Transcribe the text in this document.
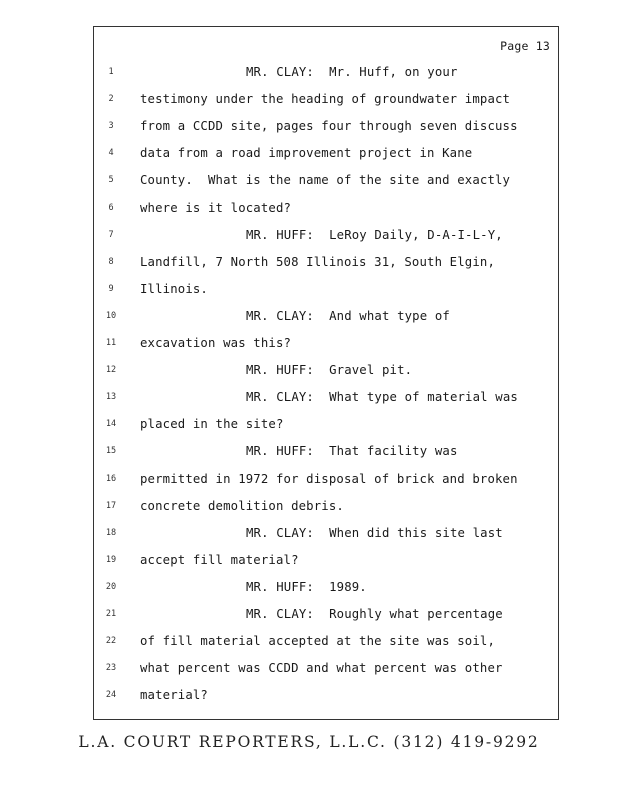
Page 13
1	MR. CLAY:  Mr. Huff, on your
2	testimony under the heading of groundwater impact
3	from a CCDD site, pages four through seven discuss
4	data from a road improvement project in Kane
5	County.  What is the name of the site and exactly
6	where is it located?
7	MR. HUFF:  LeRoy Daily, D-A-I-L-Y,
8	Landfill, 7 North 508 Illinois 31, South Elgin,
9	Illinois.
10	MR. CLAY:  And what type of
11	excavation was this?
12	MR. HUFF:  Gravel pit.
13	MR. CLAY:  What type of material was
14	placed in the site?
15	MR. HUFF:  That facility was
16	permitted in 1972 for disposal of brick and broken
17	concrete demolition debris.
18	MR. CLAY:  When did this site last
19	accept fill material?
20	MR. HUFF:  1989.
21	MR. CLAY:  Roughly what percentage
22	of fill material accepted at the site was soil,
23	what percent was CCDD and what percent was other
24	material?
L.A. COURT REPORTERS, L.L.C. (312) 419-9292
